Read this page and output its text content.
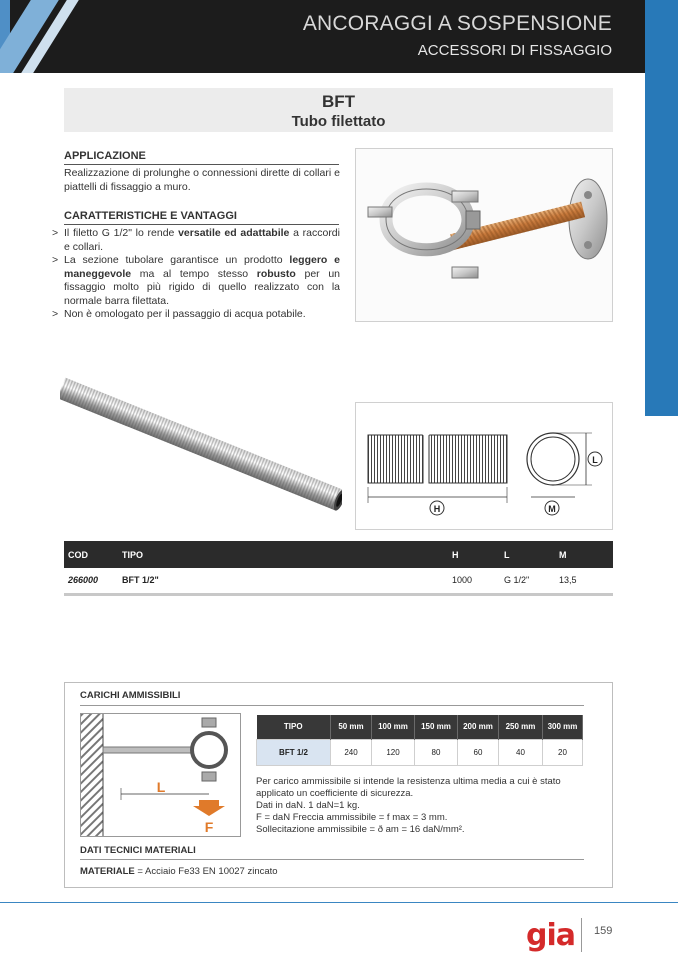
ANCORAGGI A SOSPENSIONE
ACCESSORI DI FISSAGGIO
BFT
Tubo filettato
APPLICAZIONE
Realizzazione di prolunghe o connessioni dirette di collari e piattelli di fissaggio a muro.
CARATTERISTICHE E VANTAGGI
> Il filetto G 1/2" lo rende versatile ed adattabile a raccordi e collari.
> La sezione tubolare garantisce un prodotto leggero e maneggevole ma al tempo stesso robusto per un fissaggio molto più rigido di quello realizzato con la normale barra filettata.
> Non è omologato per il passaggio di acqua potabile.
H
L
M
COD	TIPO	H	L	M
266000	BFT 1/2"	1000	G 1/2"	13,5
CARICHI AMMISSIBILI
L
F
TIPO	50 mm	100 mm	150 mm	200 mm	250 mm	300 mm
BFT 1/2	240	120	80	60	40	20
Per carico ammissibile si intende la resistenza ultima media a cui è stato
applicato un coefficiente di sicurezza.
Dati in daN. 1 daN=1 kg.
F = daN Freccia ammissibile = f max = 3 mm.
Sollecitazione ammissibile = ð am = 16 daN/mm².
DATI TECNICI MATERIALI
MATERIALE = Acciaio Fe33 EN 10027 zincato
gia 159
